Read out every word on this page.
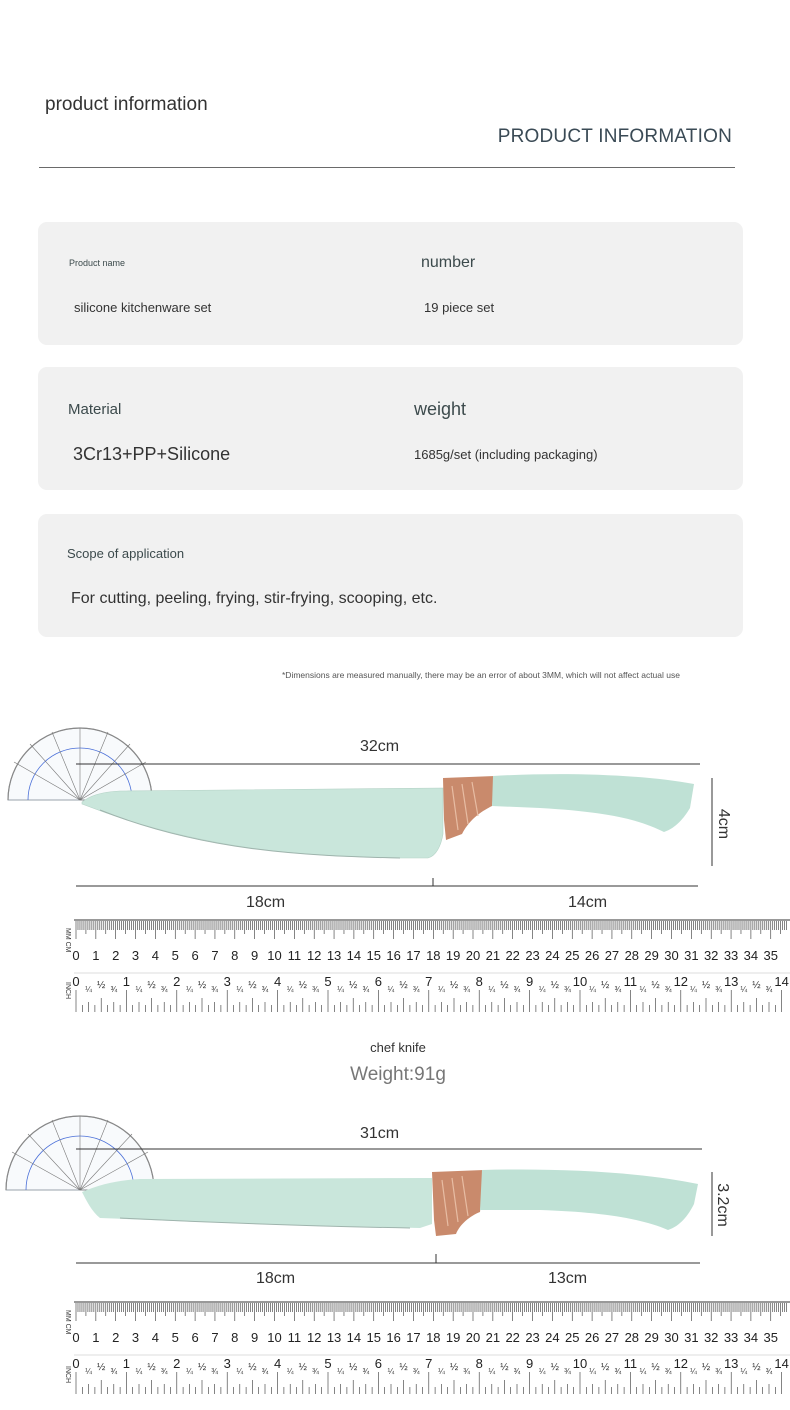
product information
PRODUCT INFORMATION
Product name
silicone kitchenware set
number
19 piece set
Material
3Cr13+PP+Silicone
weight
1685g/set (including packaging)
Scope of application
For cutting, peeling, frying, stir-frying, scooping, etc.
*Dimensions are measured manually, there may be an error of about 3MM, which will not affect actual use
32cm
18cm	14cm
4cm
0 1 2 3 4 5 6 7 8 9 10 11 12 13 14 15 16 17 18 19 20 21 22 23 24 25 26 27 28 29 30 31 32 33 34 35
0
¼ ½ ¾
1
¼ ½ ¾
2
¼ ½ ¾
3
¼ ½ ¾
4
¼ ½ ¾
5
¼ ½ ¾
6
¼ ½ ¾
7
¼ ½ ¾
8
¼ ½ ¾
9
¼ ½ ¾
10
¼ ½ ¾
11
¼ ½ ¾
12
¼ ½ ¾
13
¼ ½ ¾
14
MM CM
INCH
chef knife
Weight:91g
31cm
18cm	13cm
3.2cm
0 1 2 3 4 5 6 7 8 9 10 11 12 13 14 15 16 17 18 19 20 21 22 23 24 25 26 27 28 29 30 31 32 33 34 35
0
¼ ½ ¾
1
¼ ½ ¾
2
¼ ½ ¾
3
¼ ½ ¾
4
¼ ½ ¾
5
¼ ½ ¾
6
¼ ½ ¾
7
¼ ½ ¾
8
¼ ½ ¾
9
¼ ½ ¾
10
¼ ½ ¾
11
¼ ½ ¾
12
¼ ½ ¾
13
¼ ½ ¾
14
MM CM
INCH
